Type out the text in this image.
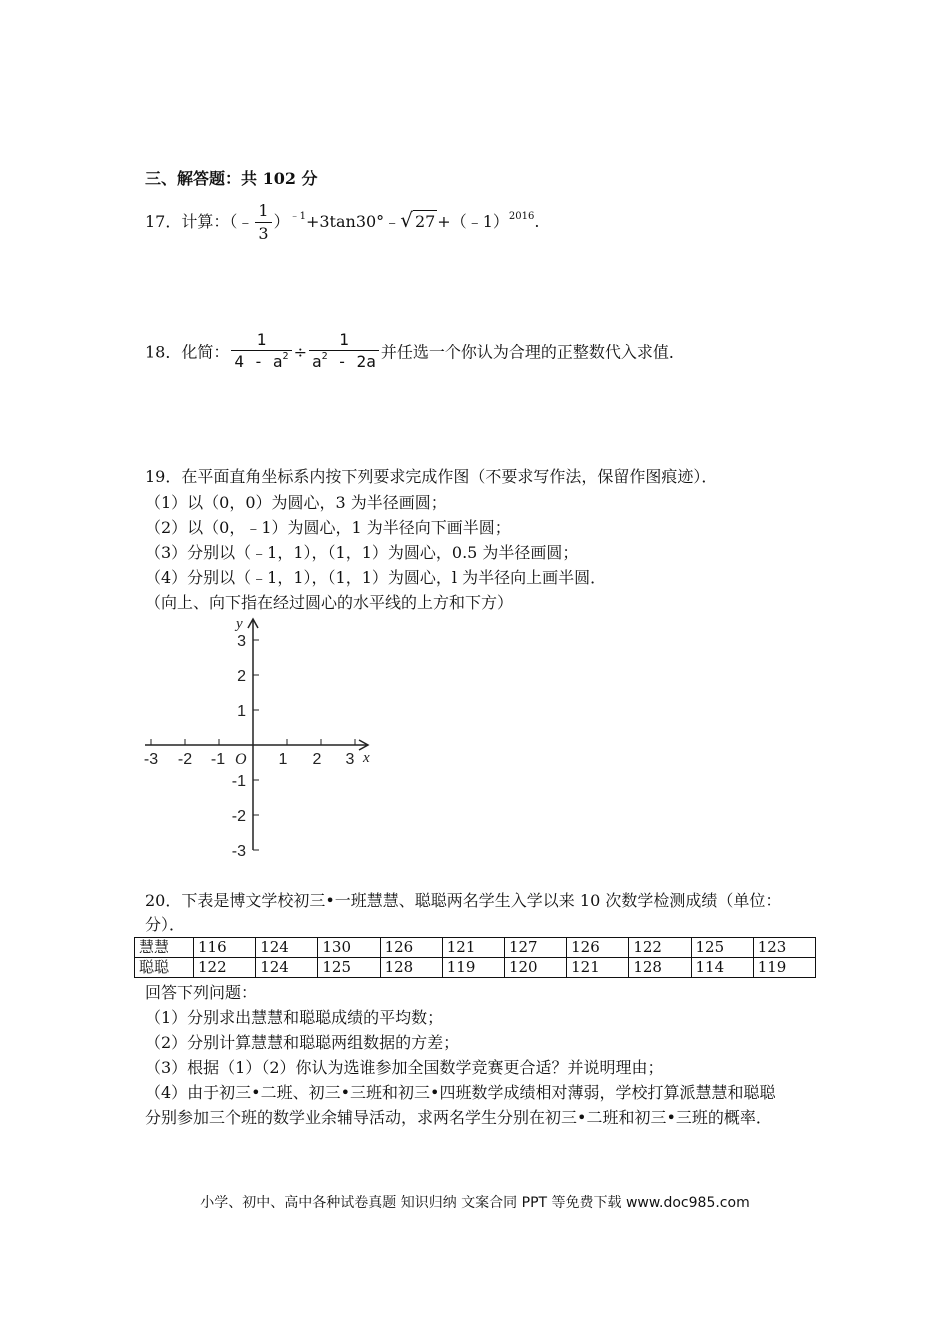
三、解答题：共 102 分
17．计算：（﹣ $\frac{1}{3}$ ）$^{﹣1}$+3tan30°﹣√ 27 +（﹣1）$^{2016}$.
18．化简： $\frac{1}{4 - a^2} \div \frac{1}{a^2 - 2a}$ 并任选一个你认为合理的正整数代入求值．
19．在平面直角坐标系内按下列要求完成作图（不要求写作法，保留作图痕迹）．
（1）以（0，0）为圆心，3 为半径画圆；
（2）以（0，﹣1）为圆心，1 为半径向下画半圆；
（3）分别以（﹣1，1），（1，1）为圆心，0.5 为半径画圆；
（4）分别以（﹣1，1），（1，1）为圆心，l 为半径向上画半圆．
（向上、向下指在经过圆心的水平线的上方和下方）
-3 -2 -1	1 2 3
3
2
1
-1
-2
-3
x
y
O
20．下表是博文学校初三•一班慧慧、聪聪两名学生入学以来 10 次数学检测成绩（单位：
分）．
慧慧	116	124	130	126	121	127	126	122	125	123
聪聪	122	124	125	128	119	120	121	128	114	119
回答下列问题：
（1）分别求出慧慧和聪聪成绩的平均数；
（2）分别计算慧慧和聪聪两组数据的方差；
（3）根据（1）（2）你认为选谁参加全国数学竞赛更合适？并说明理由；
（4）由于初三•二班、初三•三班和初三•四班数学成绩相对薄弱，学校打算派慧慧和聪聪
分别参加三个班的数学业余辅导活动，求两名学生分别在初三•二班和初三•三班的概率．
小学、初中、高中各种试卷真题 知识归纳 文案合同 PPT 等免费下载 www.doc985.com
